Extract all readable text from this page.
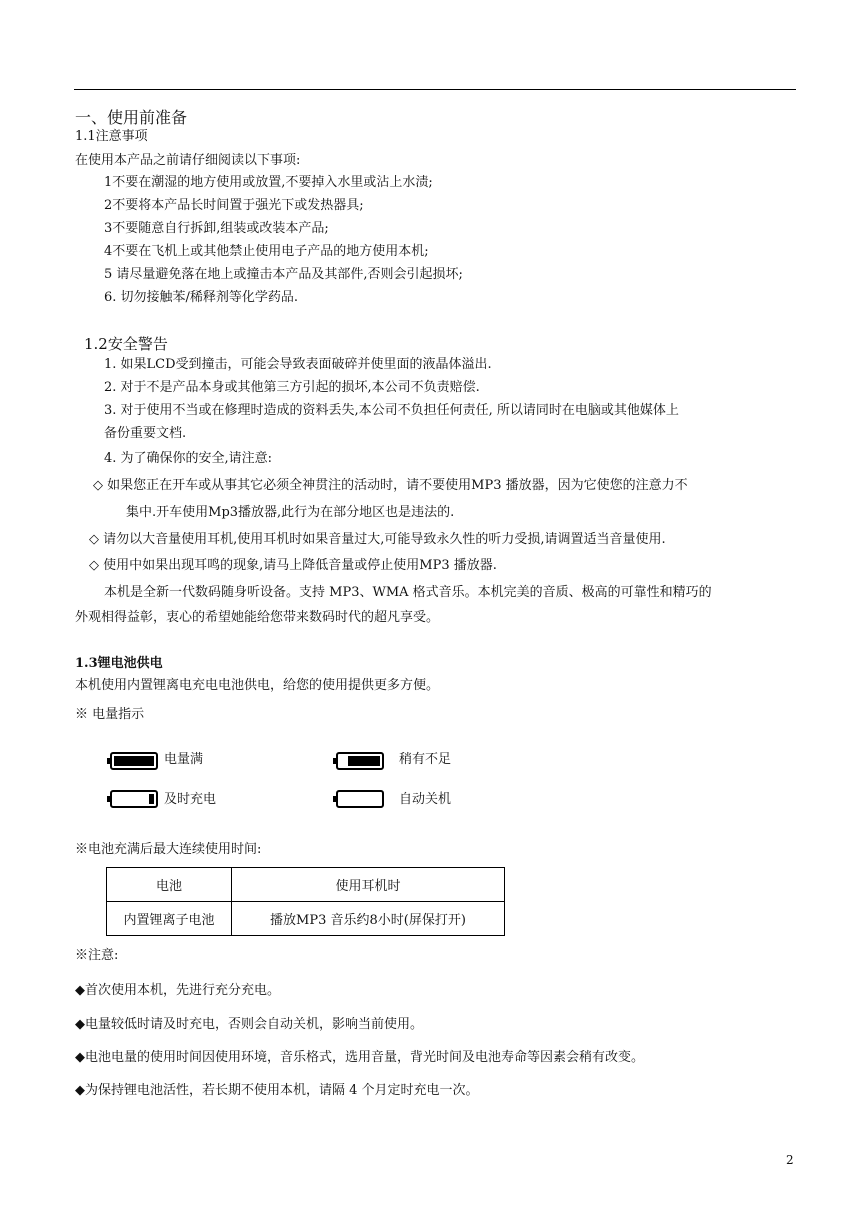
一、使用前准备
1.1注意事项
在使用本产品之前请仔细阅读以下事项:
1不要在潮湿的地方使用或放置,不要掉入水里或沾上水渍;
2不要将本产品长时间置于强光下或发热器具;
3不要随意自行拆卸,组装或改装本产品;
4不要在飞机上或其他禁止使用电子产品的地方使用本机;
5 请尽量避免落在地上或撞击本产品及其部件,否则会引起损坏;
6. 切勿接触苯/稀释剂等化学药品.
1.2安全警告
1. 如果LCD受到撞击，可能会导致表面破碎并使里面的液晶体溢出.
2. 对于不是产品本身或其他第三方引起的损坏,本公司不负责赔偿.
3. 对于使用不当或在修理时造成的资料丢失,本公司不负担任何责任, 所以请同时在电脑或其他媒体上
备份重要文档.
4. 为了确保你的安全,请注意:
◇ 如果您正在开车或从事其它必须全神贯注的活动时，请不要使用MP3 播放器，因为它使您的注意力不
集中.开车使用Mp3播放器,此行为在部分地区也是违法的.
◇ 请勿以大音量使用耳机,使用耳机时如果音量过大,可能导致永久性的听力受损,请调置适当音量使用.
◇ 使用中如果出现耳鸣的现象,请马上降低音量或停止使用MP3 播放器.
本机是全新一代数码随身听设备。支持 MP3、WMA 格式音乐。本机完美的音质、极高的可靠性和精巧的
外观相得益彰，衷心的希望她能给您带来数码时代的超凡享受。
1.3锂电池供电
本机使用内置锂离电充电电池供电，给您的使用提供更多方便。
※ 电量指示
电量满	稍有不足
及时充电	自动关机
※电池充满后最大连续使用时间:
电池	使用耳机时
内置锂离子电池	播放MP3 音乐约8小时(屏保打开)
※注意:
◆首次使用本机，先进行充分充电。
◆电量较低时请及时充电，否则会自动关机，影响当前使用。
◆电池电量的使用时间因使用环境，音乐格式，选用音量，背光时间及电池寿命等因素会稍有改变。
◆为保持锂电池活性，若长期不使用本机，请隔 4 个月定时充电一次。
2
